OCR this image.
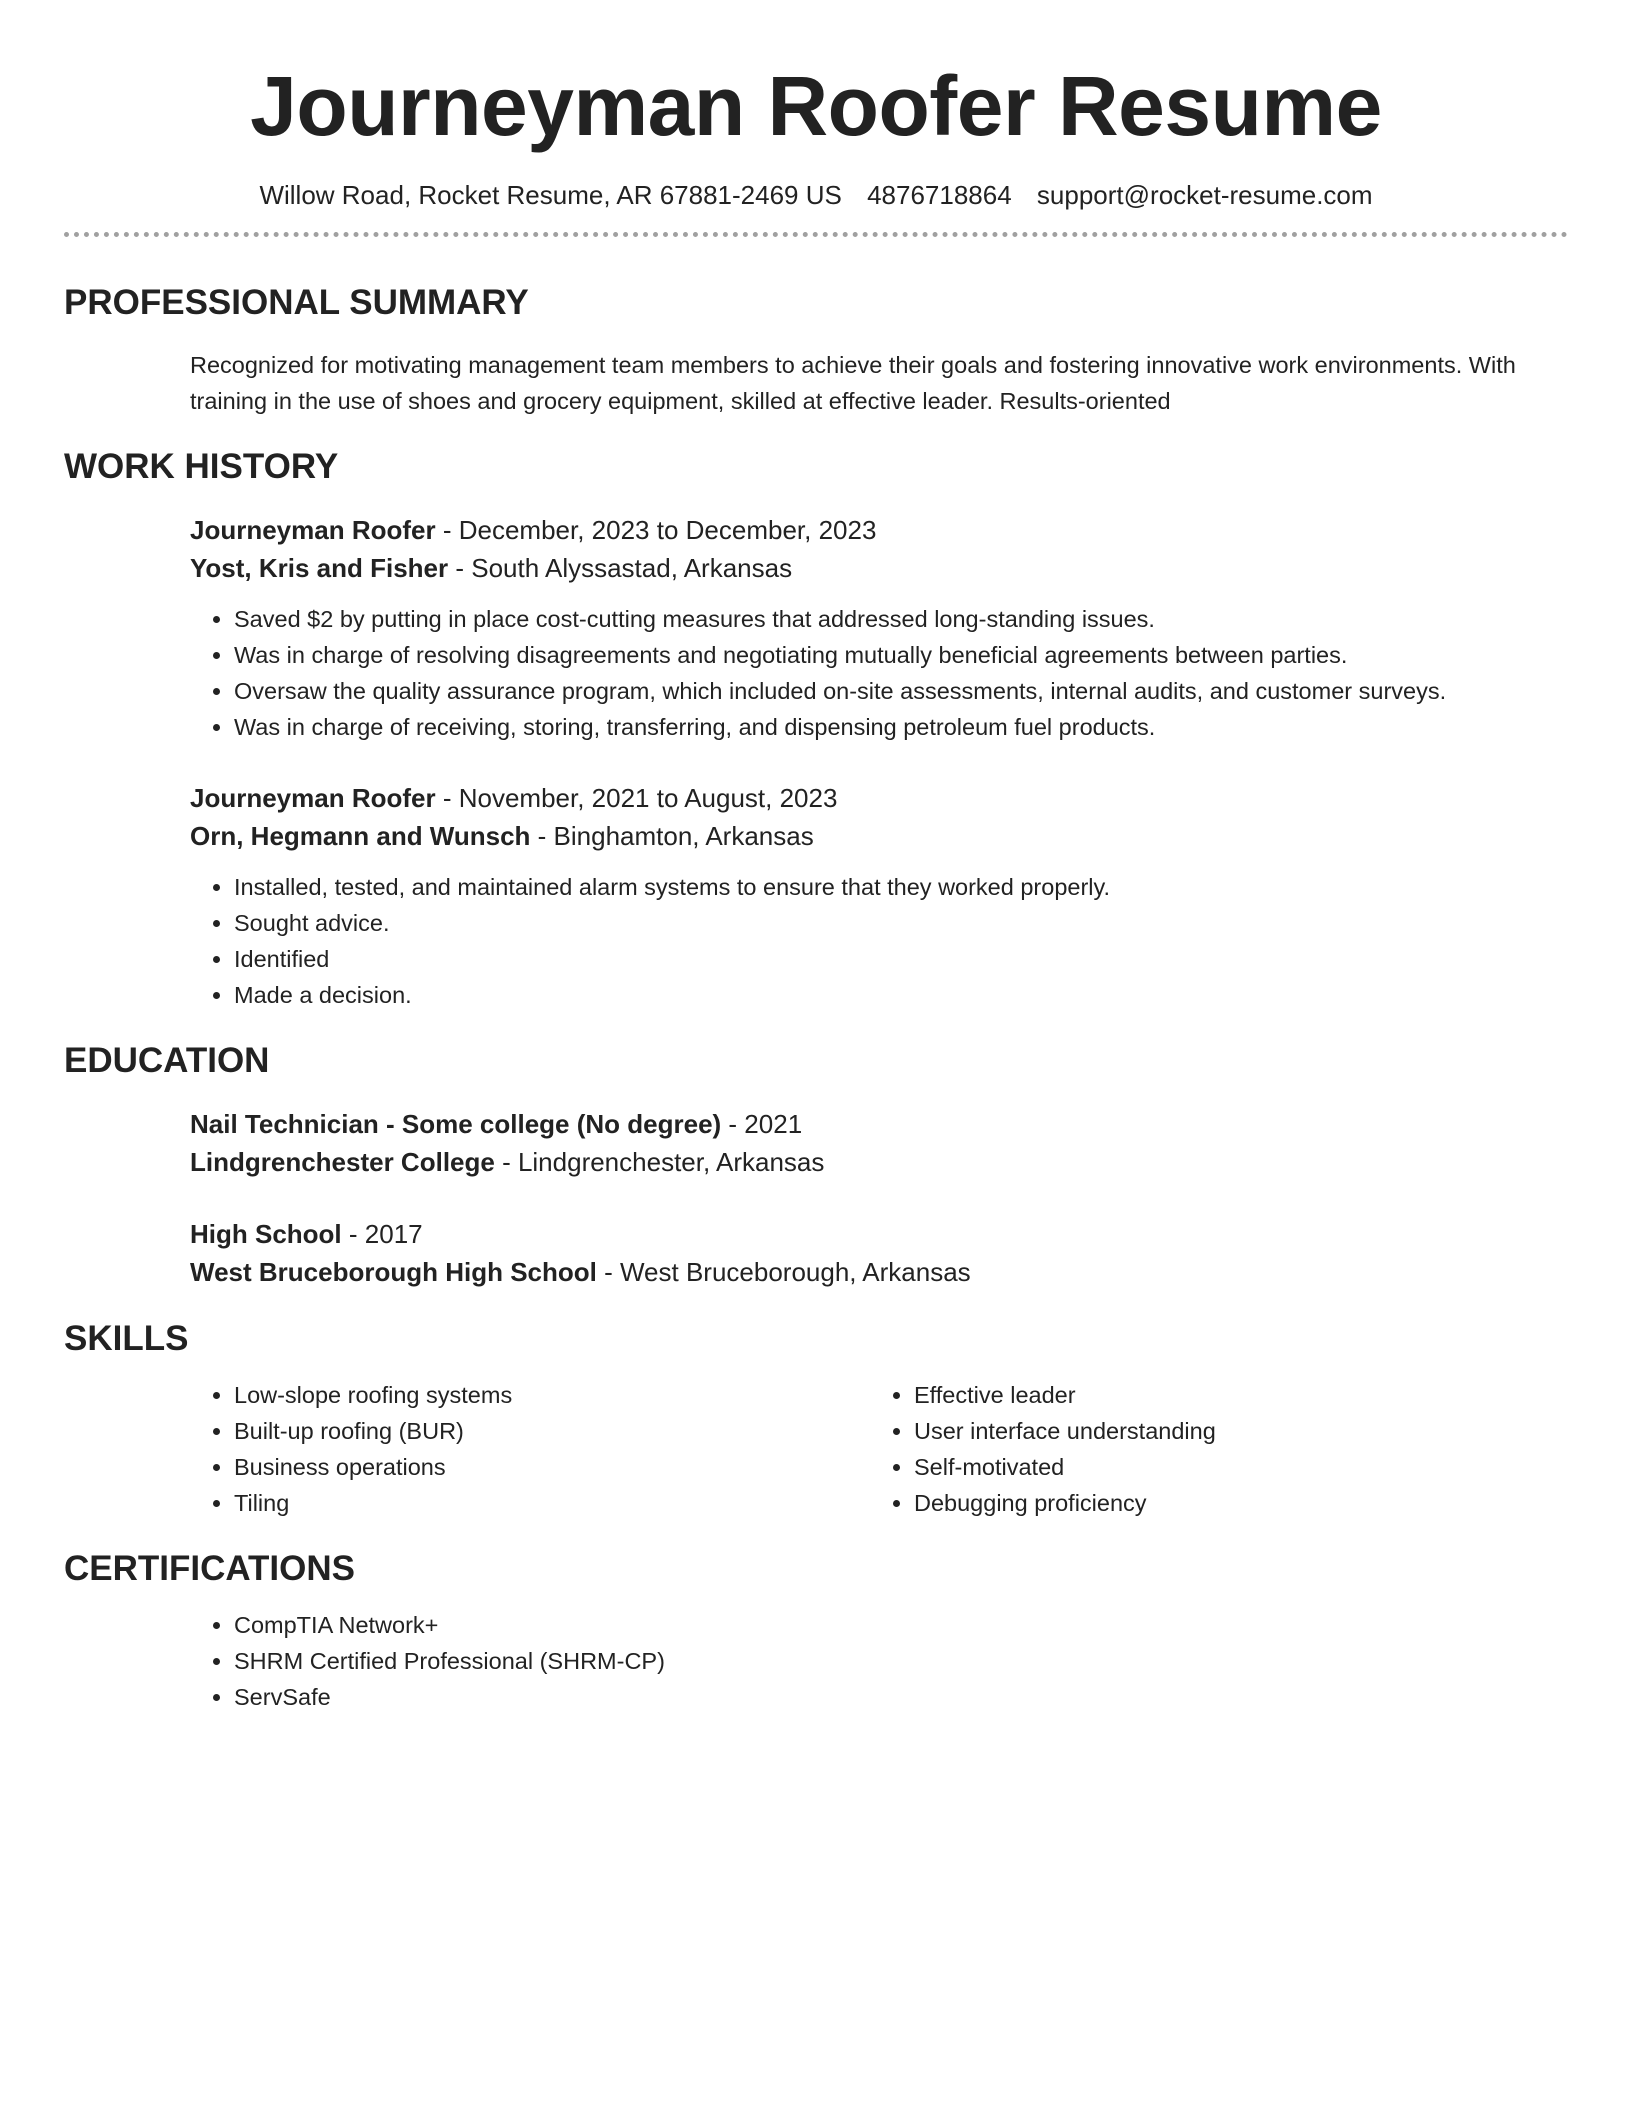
Journeyman Roofer Resume
Willow Road, Rocket Resume, AR 67881-2469 US 4876718864 support@rocket-resume.com
PROFESSIONAL SUMMARY
Recognized for motivating management team members to achieve their goals and fostering innovative work environments. With training in the use of shoes and grocery equipment, skilled at effective leader. Results-oriented
WORK HISTORY
Journeyman Roofer - December, 2023 to December, 2023
Yost, Kris and Fisher - South Alyssastad, Arkansas
• Saved $2 by putting in place cost-cutting measures that addressed long-standing issues.
• Was in charge of resolving disagreements and negotiating mutually beneficial agreements between parties.
• Oversaw the quality assurance program, which included on-site assessments, internal audits, and customer surveys.
• Was in charge of receiving, storing, transferring, and dispensing petroleum fuel products.
Journeyman Roofer - November, 2021 to August, 2023
Orn, Hegmann and Wunsch - Binghamton, Arkansas
• Installed, tested, and maintained alarm systems to ensure that they worked properly.
• Sought advice.
• Identified
• Made a decision.
EDUCATION
Nail Technician - Some college (No degree) - 2021
Lindgrenchester College - Lindgrenchester, Arkansas
High School - 2017
West Bruceborough High School - West Bruceborough, Arkansas
SKILLS
• Low-slope roofing systems
• Built-up roofing (BUR)
• Business operations
• Tiling
• Effective leader
• User interface understanding
• Self-motivated
• Debugging proficiency
CERTIFICATIONS
• CompTIA Network+
• SHRM Certified Professional (SHRM-CP)
• ServSafe
